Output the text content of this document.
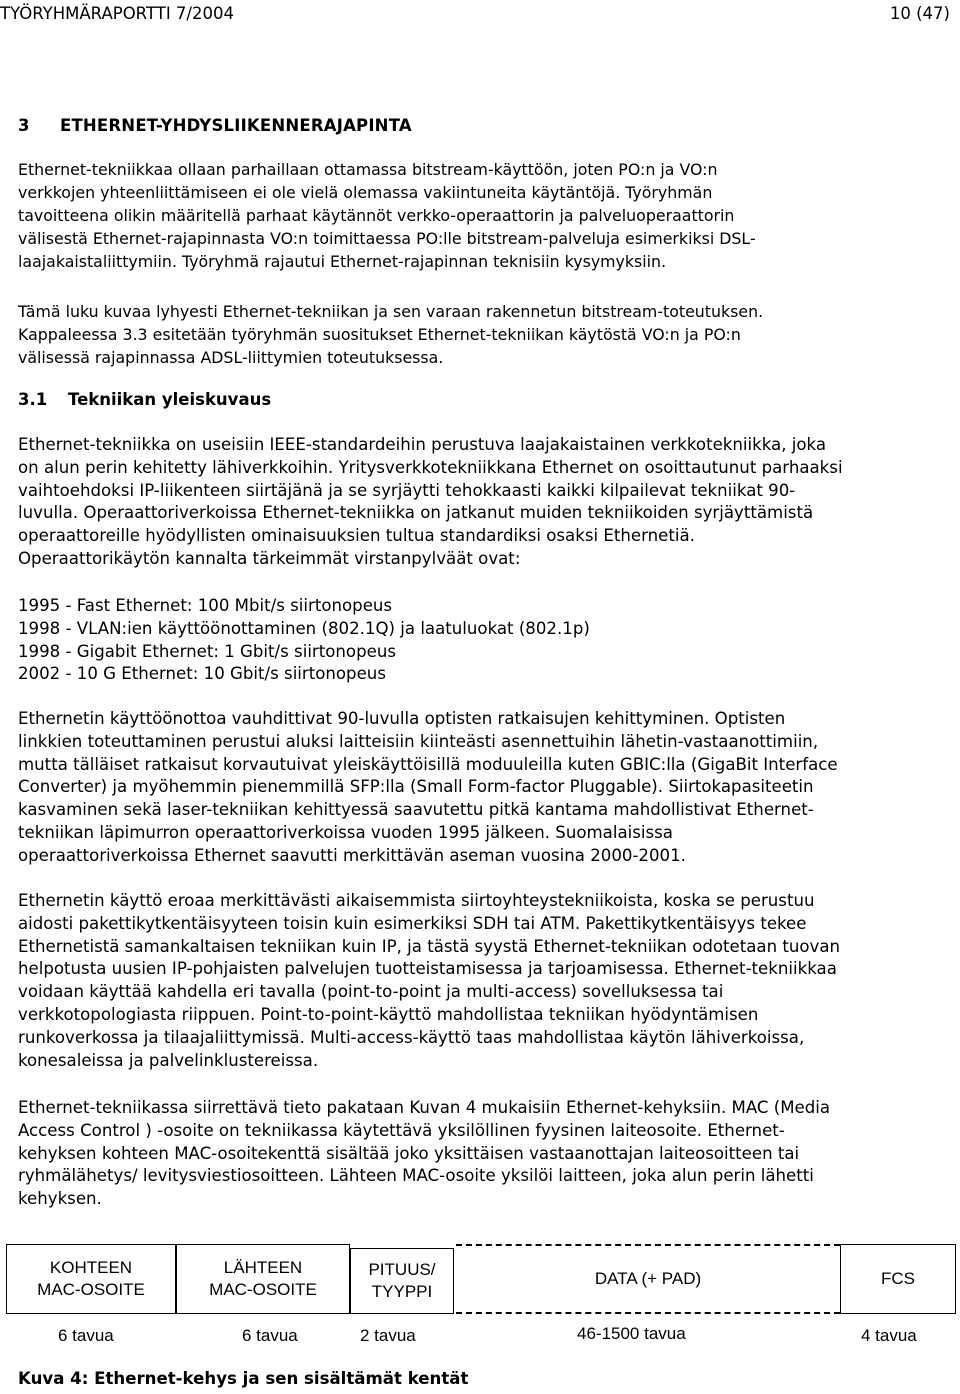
TYÖRYHMÄRAPORTTI 7/2004	10 (47)
3 ETHERNET-YHDYSLIIKENNERAJAPINTA

Ethernet-tekniikkaa ollaan parhaillaan ottamassa bitstream-käyttöön, joten PO:n ja VO:n
verkkojen yhteenliittämiseen ei ole vielä olemassa vakiintuneita käytäntöjä. Työryhmän
tavoitteena olikin määritellä parhaat käytännöt verkko-operaattorin ja palveluoperaattorin
välisestä Ethernet-rajapinnasta VO:n toimittaessa PO:lle bitstream-palveluja esimerkiksi DSL-
laajakaistaliittymiin. Työryhmä rajautui Ethernet-rajapinnan teknisiin kysymyksiin.

Tämä luku kuvaa lyhyesti Ethernet-tekniikan ja sen varaan rakennetun bitstream-toteutuksen.
Kappaleessa 3.3 esitetään työryhmän suositukset Ethernet-tekniikan käytöstä VO:n ja PO:n
välisessä rajapinnassa ADSL-liittymien toteutuksessa.

3.1 Tekniikan yleiskuvaus

Ethernet-tekniikka on useisiin IEEE-standardeihin perustuva laajakaistainen verkkotekniikka, joka
on alun perin kehitetty lähiverkkoihin. Yritysverkkotekniikkana Ethernet on osoittautunut parhaaksi
vaihtoehdoksi IP-liikenteen siirtäjänä ja se syrjäytti tehokkaasti kaikki kilpailevat tekniikat 90-
luvulla. Operaattoriverkoissa Ethernet-tekniikka on jatkanut muiden tekniikoiden syrjäyttämistä
operaattoreille hyödyllisten ominaisuuksien tultua standardiksi osaksi Ethernetiä.
Operaattorikäytön kannalta tärkeimmät virstanpylväät ovat:

1995 - Fast Ethernet: 100 Mbit/s siirtonopeus
1998 - VLAN:ien käyttöönottaminen (802.1Q) ja laatuluokat (802.1p)
1998 - Gigabit Ethernet: 1 Gbit/s siirtonopeus
2002 - 10 G Ethernet: 10 Gbit/s siirtonopeus

Ethernetin käyttöönottoa vauhdittivat 90-luvulla optisten ratkaisujen kehittyminen. Optisten
linkkien toteuttaminen perustui aluksi laitteisiin kiinteästi asennettuihin lähetin-vastaanottimiin,
mutta tälläiset ratkaisut korvautuivat yleiskäyttöisillä moduuleilla kuten GBIC:lla (GigaBit Interface
Converter) ja myöhemmin pienemmillä SFP:lla (Small Form-factor Pluggable). Siirtokapasiteetin
kasvaminen sekä laser-tekniikan kehittyessä saavutettu pitkä kantama mahdollistivat Ethernet-
tekniikan läpimurron operaattoriverkoissa vuoden 1995 jälkeen. Suomalaisissa
operaattoriverkoissa Ethernet saavutti merkittävän aseman vuosina 2000-2001.

Ethernetin käyttö eroaa merkittävästi aikaisemmista siirtoyhteystekniikoista, koska se perustuu
aidosti pakettikytkentäisyyteen toisin kuin esimerkiksi SDH tai ATM. Pakettikytkentäisyys tekee
Ethernetistä samankaltaisen tekniikan kuin IP, ja tästä syystä Ethernet-tekniikan odotetaan tuovan
helpotusta uusien IP-pohjaisten palvelujen tuotteistamisessa ja tarjoamisessa. Ethernet-tekniikkaa
voidaan käyttää kahdella eri tavalla (point-to-point ja multi-access) sovelluksessa tai
verkkotopologiasta riippuen. Point-to-point-käyttö mahdollistaa tekniikan hyödyntämisen
runkoverkossa ja tilaajaliittymissä. Multi-access-käyttö taas mahdollistaa käytön lähiverkoissa,
konesaleissa ja palvelinklustereissa.

Ethernet-tekniikassa siirrettävä tieto pakataan Kuvan 4 mukaisiin Ethernet-kehyksiin. MAC (Media
Access Control ) -osoite on tekniikassa käytettävä yksilöllinen fyysinen laiteosoite. Ethernet-
kehyksen kohteen MAC-osoitekenttä sisältää joko yksittäisen vastaanottajan laiteosoitteen tai
ryhmälähetys/ levitysviestiosoitteen. Lähteen MAC-osoite yksilöi laitteen, joka alun perin lähetti
kehyksen.

KOHTEEN
MAC-OSOITE
LÄHTEEN
MAC-OSOITE
PITUUS/
TYYPPI
DATA (+ PAD)	FCS
6 tavua	6 tavua	2 tavua	46-1500 tavua	4 tavua
Kuva 4: Ethernet-kehys ja sen sisältämät kentät
